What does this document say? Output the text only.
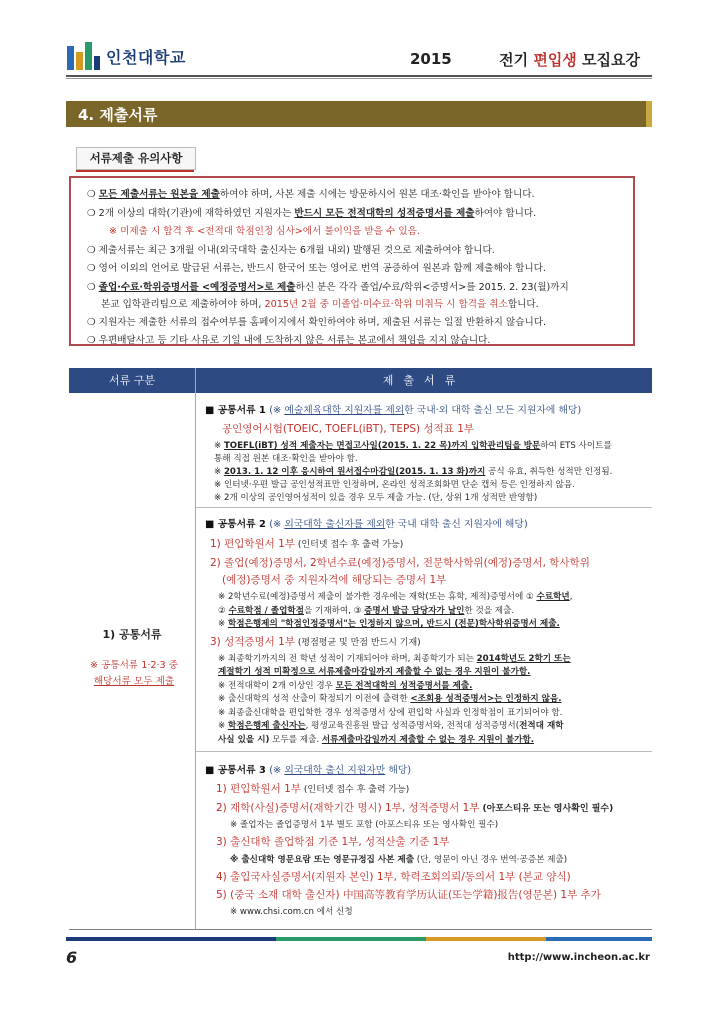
인천대학교	2015	전기 편입생 모집요강
4. 제출서류
서류제출 유의사항
❍ 모든 제출서류는 원본을 제출하여야 하며, 사본 제출 시에는 방문하시어 원본 대조·확인을 받아야 합니다.
❍ 2개 이상의 대학(기관)에 재학하였던 지원자는 반드시 모든 전적대학의 성적증명서를 제출하여야 합니다.
※ 미제출 시 합격 후 <전적대 학점인정 심사>에서 불이익을 받을 수 있음.
❍ 제출서류는 최근 3개월 이내(외국대학 출신자는 6개월 내외) 발행된 것으로 제출하여야 합니다.
❍ 영어 이외의 언어로 발급된 서류는, 반드시 한국어 또는 영어로 번역 공증하여 원본과 함께 제출해야 합니다.
❍ 졸업·수료·학위증명서를 <예정증명서>로 제출하신 분은 각각 졸업/수료/학위<증명서>를 2015. 2. 23(월)까지
본교 입학관리팀으로 제출하여야 하며, 2015년 2월 중 미졸업·미수료·학위 미취득 시 합격을 취소합니다.
❍ 지원자는 제출한 서류의 접수여부를 홈페이지에서 확인하여야 하며, 제출된 서류는 일절 반환하지 않습니다.
❍ 우편배달사고 등 기타 사유로 기일 내에 도착하지 않은 서류는 본교에서 책임을 지지 않습니다.
서류 구분	제출서류
1) 공통서류
※ 공통서류 1·2·3 중
해당서류 모두 제출
■ 공통서류 1 (※ 예술체육대학 지원자를 제외한 국내·외 대학 출신 모든 지원자에 해당)
공인영어시험(TOEIC, TOEFL(iBT), TEPS) 성적표 1부
※ TOEFL(iBT) 성적 제출자는 면접고사일(2015. 1. 22 목)까지 입학관리팀을 방문하여 ETS 사이트를
통해 직접 원본 대조·확인을 받아야 함.
※ 2013. 1. 12 이후 응시하여 원서접수마감일(2015. 1. 13 화)까지 공식 유효, 취득한 성적만 인정됨.
※ 인터넷·우편 발급 공인성적표만 인정하며, 온라인 성적조회화면 단순 캡처 등은 인정하지 않음.
※ 2개 이상의 공인영어성적이 있을 경우 모두 제출 가능. (단, 상위 1개 성적만 반영함)
■ 공통서류 2 (※ 외국대학 출신자를 제외한 국내 대학 출신 지원자에 해당)
1) 편입학원서 1부 (인터넷 접수 후 출력 가능)
2) 졸업(예정)증명서, 2학년수료(예정)증명서, 전문학사학위(예정)증명서, 학사학위
(예정)증명서 중 지원자격에 해당되는 증명서 1부
※ 2학년수료(예정)증명서 제출이 불가한 경우에는 재학(또는 휴학, 제적)증명서에 ① 수료학년,
② 수료학점 / 졸업학점을 기재하여, ③ 증명서 발급 담당자가 날인한 것을 제출.
※ 학점은행제의 "학점인정증명서"는 인정하지 않으며, 반드시 (전문)학사학위증명서 제출.
3) 성적증명서 1부 (평점평균 및 만점 반드시 기재)
※ 최종학기까지의 전 학년 성적이 기재되어야 하며, 최종학기가 되는 2014학년도 2학기 또는
계절학기 성적 미확정으로 서류제출마감일까지 제출할 수 없는 경우 지원이 불가함.
※ 전적대학이 2개 이상인 경우 모든 전적대학의 성적증명서를 제출.
※ 출신대학의 성적 산출이 확정되기 이전에 출력한 <조회용 성적증명서>는 인정하지 않음.
※ 최종출신대학을 편입학한 경우 성적증명서 상에 편입학 사실과 인정학점이 표기되어야 함.
※ 학점은행제 출신자는, 평생교육진흥원 발급 성적증명서와, 전적대 성적증명서(전적대 재학
사실 있을 시) 모두를 제출. 서류제출마감일까지 제출할 수 없는 경우 지원이 불가함.
■ 공통서류 3 (※ 외국대학 출신 지원자만 해당)
1) 편입학원서 1부 (인터넷 접수 후 출력 가능)
2) 재학(사실)증명서(재학기간 명시) 1부, 성적증명서 1부 (아포스티유 또는 영사확인 필수)
※ 졸업자는 졸업증명서 1부 별도 포함 (아포스티유 또는 영사확인 필수)
3) 출신대학 졸업학점 기준 1부, 성적산출 기준 1부
※ 출신대학 영문요람 또는 영문규정집 사본 제출 (단, 영문이 아닌 경우 번역·공증본 제출)
4) 출입국사실증명서(지원자 본인) 1부, 학력조회의뢰/동의서 1부 (본교 양식)
5) (중국 소재 대학 출신자) 中国高等教育学历认证(또는学籍)报告(영문본) 1부 추가
※ www.chsi.com.cn 에서 신청
6	http://www.incheon.ac.kr
